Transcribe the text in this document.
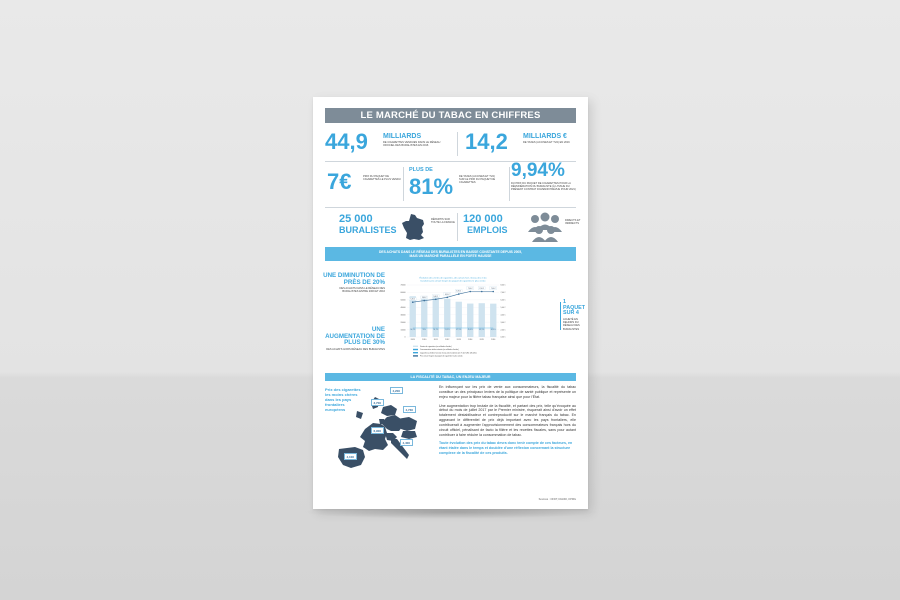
LE MARCHÉ DU TABAC EN CHIFFRES
44,9 MILLIARDS
DE CIGARETTES VENDUES DANS LE RÉSEAU OFFICIEL DES BURALISTES EN 2016	14,2 MILLIARDS €
DE TAXES (ACCISES ET TVA) EN 2016
7€	PRIX DU PAQUET DE CIGARETTES LE PLUS VENDU
PLUS DE
81% DE TAXES (ACCISES ET TVA) SUR LE PRIX DU PAQUET DE CIGARETTES
9,94%
DU PRIX DU PAQUET DE CIGARETTES POUR LA RÉMUNÉRATION DU BURALISTE (À L'ISSUE DU PRÉSENT CONTRAT D'AVENIR PRÉVUE POUR 2021)
25 000
BURALISTES
RÉPARTIS SUR TOUTE LA FRANCE 120 000
EMPLOIS
DIRECTS ET INDIRECTS
DES ACHATS DANS LE RÉSEAU DES BURALISTES EN BAISSE CONSTANTE DEPUIS 2005,
MAIS UN MARCHÉ PARALLÈLE EN FORTE HAUSSE
UNE DIMINUTION DE PRÈS DE 20%
DES ACHATS DANS LE RÉSEAU DES BURALISTES ENTRE 2009 ET 2016
UNE AUGMENTATION DE PLUS DE 30%
DES ACHATS HORS RÉSEAU DES BURALISTES
Évolution des ventes de cigarettes, des achats hors réseau des et du
buralistes prix annuel moyen du paquet de cigarettes le plus vendu
70000
60000
50000
40000
30000
20000
10000
0
8,00 €
7,00 €
6,00 €
5,00 €
4,00 €
3,00 €
2,00 €
0,00 €
2009
54,9%
2010
55%
2011
54,1%
2012
51,5%
2013
47,5%
2014
45,0%
2015
45,5%
2016
44,9%
5,35 €
5,60 €
5,80 €
6,10 €
6,70 €
7,00 €	7,00 €	7,00 €
Ventes de cigarettes (en milliards d'unités)
Consommation totale estimée (en milliards d'unités)
Cigarettes achetées hors du réseau des buralistes (en % de l'offre officielle)
Prix annuel moyen du paquet de cigarettes le plus vendu
1 PAQUET SUR 4
ACHETÉ EN DEHORS DU RÉSEAU DES BURALISTES
LA FISCALITÉ DU TABAC, UN ENJEU MAJEUR
Prix des cigarettes les moins chères dans les pays frontaliers européens
4,20€
3,70€
4,73€
6,90€
4,40€
4,10€

En influençant sur les prix de vente aux consommateurs, la fiscalité du tabac constitue un des principaux leviers de la politique de santé publique et représente un enjeu majeur pour la filière tabac française ainsi que pour l'État.

Une augmentation trop brutale de la fiscalité, et partant des prix, telle qu'évoquée au début du mois de juillet 2017 par le Premier ministre, risquerait ainsi d'avoir un effet totalement déstabilisateur et contreproductif sur le marché français du tabac. En aggravant le différentiel de prix déjà important avec les pays frontaliers, elle contribuerait à augmenter l'approvisionnement des consommateurs français hors du circuit officiel, pénalisant de facto la filière et les recettes fiscales, sans pour autant contribuer à faire réduire la consommation de tabac.

Toute évolution des prix du tabac devra donc tenir compte de ces facteurs, en étant étalée dans le temps et doublée d'une réflexion concernant la structure complexe de la fiscalité de ces produits.

Sources : OFDT, DGDDI, KPMG
